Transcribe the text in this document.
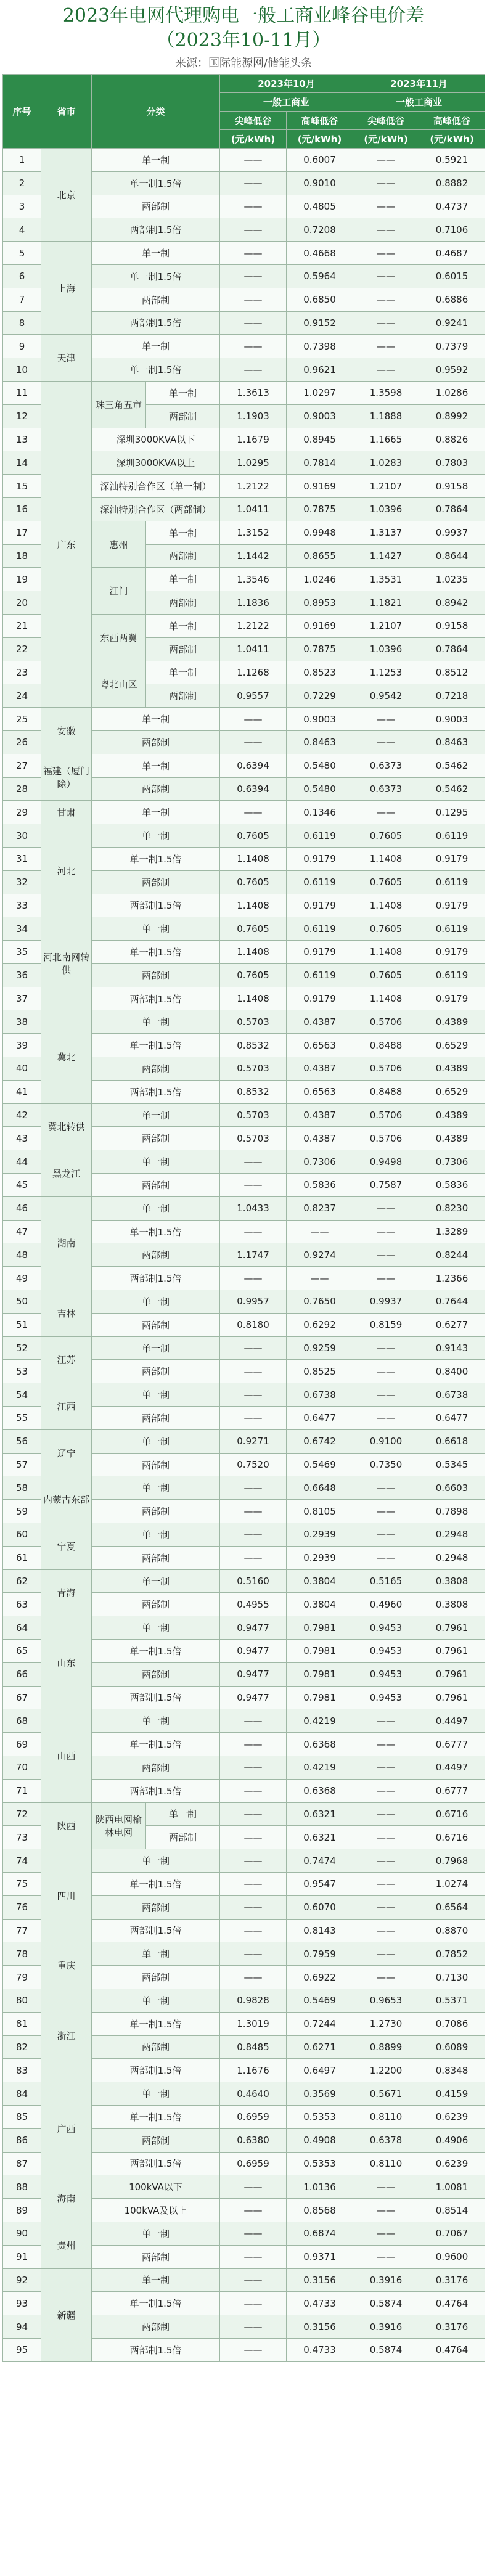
2023年电网代理购电一般工商业峰谷电价差
（2023年10-11月）
来源：国际能源网/储能头条
序号	省市	分类		2023年10月		2023年11月	
				一般工商业		一般工商业	
				尖峰低谷	高峰低谷	尖峰低谷	高峰低谷
				(元/kWh)	(元/kWh)	(元/kWh)	(元/kWh)
1	北京	单一制		——	0.6007	——	0.5921
2		单一制1.5倍		——	0.9010	——	0.8882
3		两部制		——	0.4805	——	0.4737
4		两部制1.5倍		——	0.7208	——	0.7106
5	上海	单一制		——	0.4668	——	0.4687
6		单一制1.5倍		——	0.5964	——	0.6015
7		两部制		——	0.6850	——	0.6886
8		两部制1.5倍		——	0.9152	——	0.9241
9	天津	单一制		——	0.7398	——	0.7379
10		单一制1.5倍		——	0.9621	——	0.9592
11	广东	珠三角五市	单一制	1.3613	1.0297	1.3598	1.0286
12			两部制	1.1903	0.9003	1.1888	0.8992
13		深圳3000KVA以下		1.1679	0.8945	1.1665	0.8826
14		深圳3000KVA以上		1.0295	0.7814	1.0283	0.7803
15		深汕特别合作区（单一制）		1.2122	0.9169	1.2107	0.9158
16		深汕特别合作区（两部制）		1.0411	0.7875	1.0396	0.7864
17		惠州	单一制	1.3152	0.9948	1.3137	0.9937
18			两部制	1.1442	0.8655	1.1427	0.8644
19		江门	单一制	1.3546	1.0246	1.3531	1.0235
20			两部制	1.1836	0.8953	1.1821	0.8942
21		东西两翼	单一制	1.2122	0.9169	1.2107	0.9158
22			两部制	1.0411	0.7875	1.0396	0.7864
23		粤北山区	单一制	1.1268	0.8523	1.1253	0.8512
24			两部制	0.9557	0.7229	0.9542	0.7218
25	安徽	单一制		——	0.9003	——	0.9003
26		两部制		——	0.8463	——	0.8463
27	福建（厦门除）	单一制		0.6394	0.5480	0.6373	0.5462
28		两部制		0.6394	0.5480	0.6373	0.5462
29	甘肃	单一制		——	0.1346	——	0.1295
30	河北	单一制		0.7605	0.6119	0.7605	0.6119
31		单一制1.5倍		1.1408	0.9179	1.1408	0.9179
32		两部制		0.7605	0.6119	0.7605	0.6119
33		两部制1.5倍		1.1408	0.9179	1.1408	0.9179
34	河北南网转供	单一制		0.7605	0.6119	0.7605	0.6119
35		单一制1.5倍		1.1408	0.9179	1.1408	0.9179
36		两部制		0.7605	0.6119	0.7605	0.6119
37		两部制1.5倍		1.1408	0.9179	1.1408	0.9179
38	冀北	单一制		0.5703	0.4387	0.5706	0.4389
39		单一制1.5倍		0.8532	0.6563	0.8488	0.6529
40		两部制		0.5703	0.4387	0.5706	0.4389
41		两部制1.5倍		0.8532	0.6563	0.8488	0.6529
42	冀北转供	单一制		0.5703	0.4387	0.5706	0.4389
43		两部制		0.5703	0.4387	0.5706	0.4389
44	黑龙江	单一制		——	0.7306	0.9498	0.7306
45		两部制		——	0.5836	0.7587	0.5836
46	湖南	单一制		1.0433	0.8237	——	0.8230
47		单一制1.5倍		——	——	——	1.3289
48		两部制		1.1747	0.9274	——	0.8244
49		两部制1.5倍		——	——	——	1.2366
50	吉林	单一制		0.9957	0.7650	0.9937	0.7644
51		两部制		0.8180	0.6292	0.8159	0.6277
52	江苏	单一制		——	0.9259	——	0.9143
53		两部制		——	0.8525	——	0.8400
54	江西	单一制		——	0.6738	——	0.6738
55		两部制		——	0.6477	——	0.6477
56	辽宁	单一制		0.9271	0.6742	0.9100	0.6618
57		两部制		0.7520	0.5469	0.7350	0.5345
58	内蒙古东部	单一制		——	0.6648	——	0.6603
59		两部制		——	0.8105	——	0.7898
60	宁夏	单一制		——	0.2939	——	0.2948
61		两部制		——	0.2939	——	0.2948
62	青海	单一制		0.5160	0.3804	0.5165	0.3808
63		两部制		0.4955	0.3804	0.4960	0.3808
64	山东	单一制		0.9477	0.7981	0.9453	0.7961
65		单一制1.5倍		0.9477	0.7981	0.9453	0.7961
66		两部制		0.9477	0.7981	0.9453	0.7961
67		两部制1.5倍		0.9477	0.7981	0.9453	0.7961
68	山西	单一制		——	0.4219	——	0.4497
69		单一制1.5倍		——	0.6368	——	0.6777
70		两部制		——	0.4219	——	0.4497
71		两部制1.5倍		——	0.6368	——	0.6777
72	陕西	陕西电网榆林电网	单一制	——	0.6321	——	0.6716
73			两部制	——	0.6321	——	0.6716
74	四川	单一制		——	0.7474	——	0.7968
75		单一制1.5倍		——	0.9547	——	1.0274
76		两部制		——	0.6070	——	0.6564
77		两部制1.5倍		——	0.8143	——	0.8870
78	重庆	单一制		——	0.7959	——	0.7852
79		两部制		——	0.6922	——	0.7130
80	浙江	单一制		0.9828	0.5469	0.9653	0.5371
81		单一制1.5倍		1.3019	0.7244	1.2730	0.7086
82		两部制		0.8485	0.6271	0.8899	0.6089
83		两部制1.5倍		1.1676	0.6497	1.2200	0.8348
84	广西	单一制		0.4640	0.3569	0.5671	0.4159
85		单一制1.5倍		0.6959	0.5353	0.8110	0.6239
86		两部制		0.6380	0.4908	0.6378	0.4906
87		两部制1.5倍		0.6959	0.5353	0.8110	0.6239
88	海南	100kVA以下		——	1.0136	——	1.0081
89		100kVA及以上		——	0.8568	——	0.8514
90	贵州	单一制		——	0.6874	——	0.7067
91		两部制		——	0.9371	——	0.9600
92	新疆	单一制		——	0.3156	0.3916	0.3176
93		单一制1.5倍		——	0.4733	0.5874	0.4764
94		两部制		——	0.3156	0.3916	0.3176
95		两部制1.5倍		——	0.4733	0.5874	0.4764
